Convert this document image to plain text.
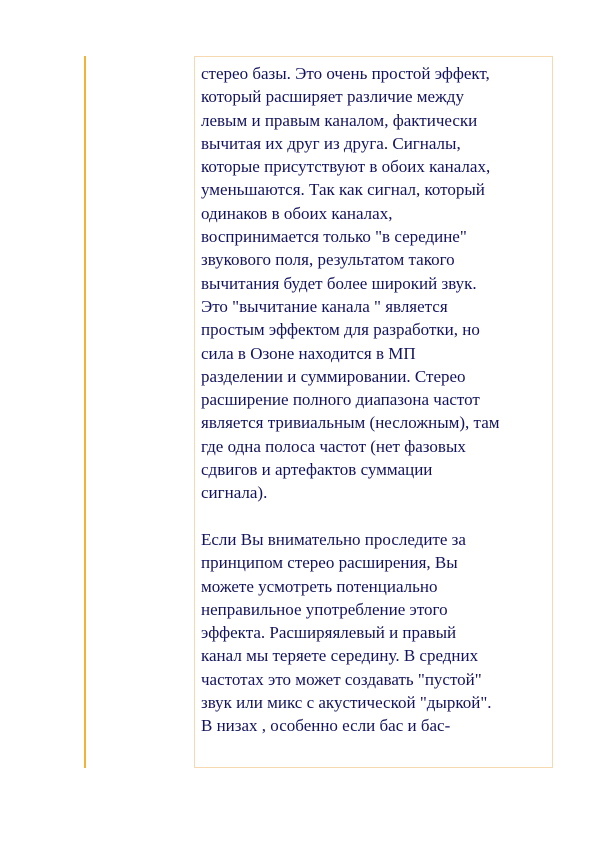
стерео базы. Это очень простой эффект,
который расширяет различие между
левым и правым каналом, фактически
вычитая их друг из друга. Сигналы,
которые присутствуют в обоих каналах,
уменьшаются. Так как сигнал, который
одинаков в обоих каналах,
воспринимается только "в середине"
звукового поля, результатом такого
вычитания будет более широкий звук.
Это "вычитание канала " является
простым эффектом для разработки, но
сила в Озоне находится в МП
разделении и суммировании. Стерео
расширение полного диапазона частот
является тривиальным (несложным), там
где одна полоса частот (нет фазовых
сдвигов и артефактов суммации
сигнала).

Если Вы внимательно проследите за
принципом стерео расширения, Вы
можете усмотреть потенциально
неправильное употребление этого
эффекта. Расширяялевый и правый
канал мы теряете середину. В средних
частотах это может создавать "пустой"
звук или микс с акустической "дыркой".
В низах , особенно если бас и бас-
